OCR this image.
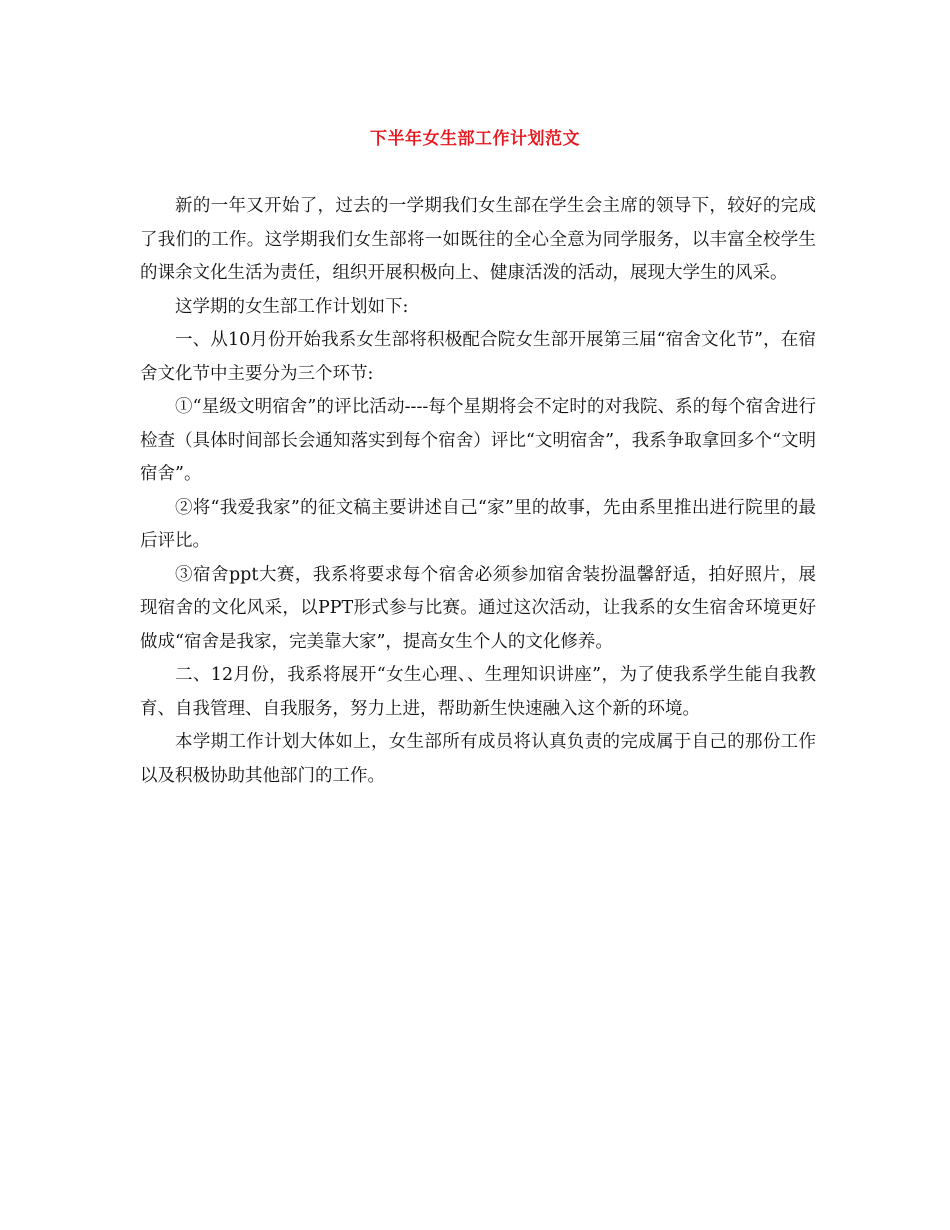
下半年女生部工作计划范文

新的一年又开始了，过去的一学期我们女生部在学生会主席的领导下，较好的完成了我们的工作。这学期我们女生部将一如既往的全心全意为同学服务，以丰富全校学生的课余文化生活为责任，组织开展积极向上、健康活泼的活动，展现大学生的风采。

这学期的女生部工作计划如下:

一、从10月份开始我系女生部将积极配合院女生部开展第三届“宿舍文化节”，在宿舍文化节中主要分为三个环节:

①“星级文明宿舍”的评比活动----每个星期将会不定时的对我院、系的每个宿舍进行检查（具体时间部长会通知落实到每个宿舍）评比“文明宿舍”，我系争取拿回多个“文明宿舍”。

②将“我爱我家”的征文稿主要讲述自己“家”里的故事，先由系里推出进行院里的最后评比。

③宿舍ppt大赛，我系将要求每个宿舍必须参加宿舍装扮温馨舒适，拍好照片，展现宿舍的文化风采，以PPT形式参与比赛。通过这次活动，让我系的女生宿舍环境更好做成“宿舍是我家，完美靠大家”，提高女生个人的文化修养。

二、12月份，我系将展开“女生心理、、生理知识讲座”，为了使我系学生能自我教育、自我管理、自我服务，努力上进，帮助新生快速融入这个新的环境。

本学期工作计划大体如上，女生部所有成员将认真负责的完成属于自己的那份工作以及积极协助其他部门的工作。
